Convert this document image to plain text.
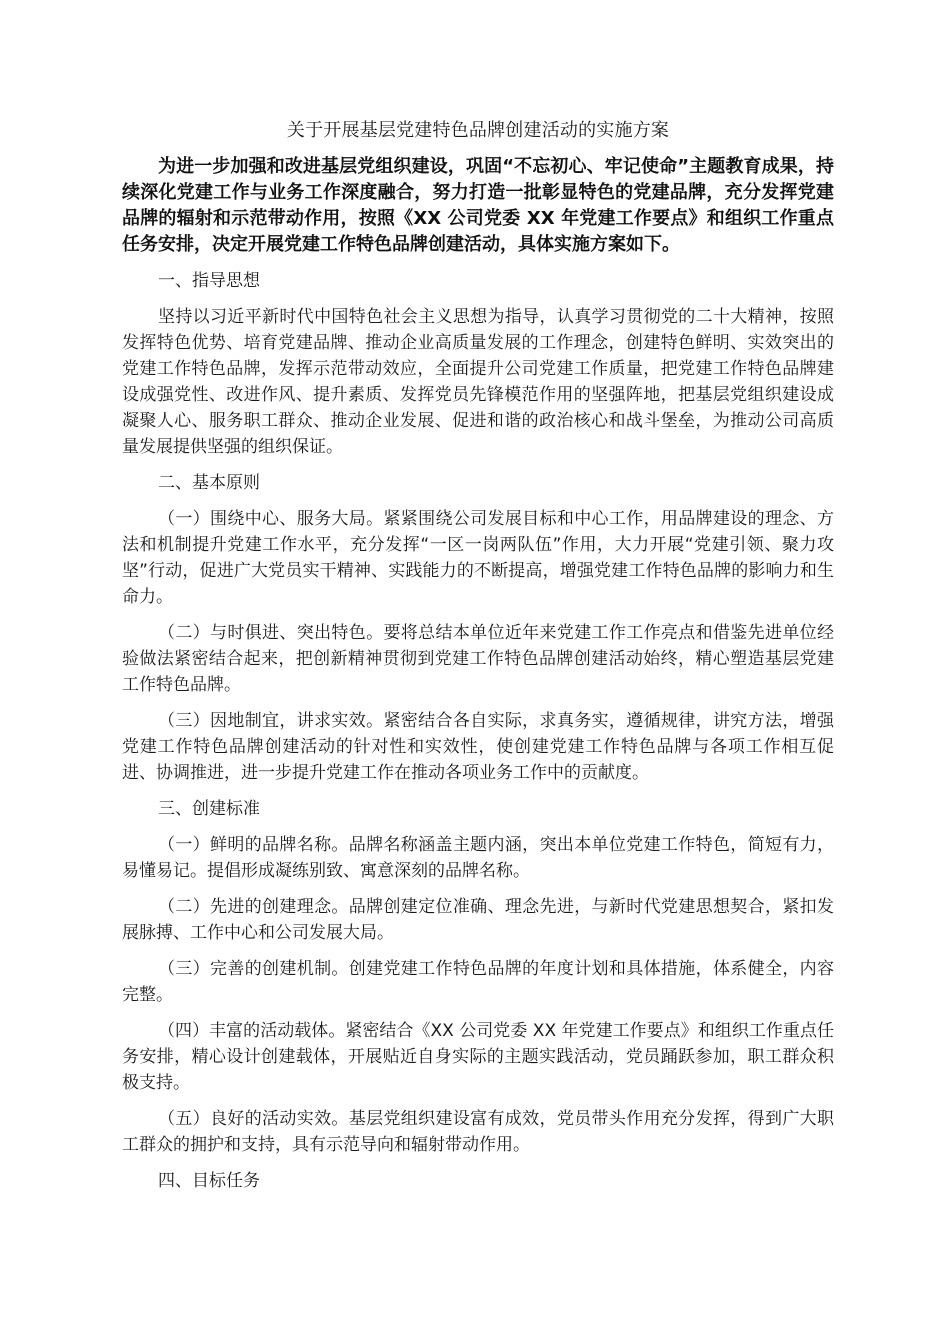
关于开展基层党建特色品牌创建活动的实施方案

为进一步加强和改进基层党组织建设，巩固“不忘初心、牢记使命”主题教育成果，持续深化党建工作与业务工作深度融合，努力打造一批彰显特色的党建品牌，充分发挥党建品牌的辐射和示范带动作用，按照《XX 公司党委 XX 年党建工作要点》和组织工作重点任务安排，决定开展党建工作特色品牌创建活动，具体实施方案如下。

一、指导思想

坚持以习近平新时代中国特色社会主义思想为指导，认真学习贯彻党的二十大精神，按照发挥特色优势、培育党建品牌、推动企业高质量发展的工作理念，创建特色鲜明、实效突出的党建工作特色品牌，发挥示范带动效应，全面提升公司党建工作质量，把党建工作特色品牌建设成强党性、改进作风、提升素质、发挥党员先锋模范作用的坚强阵地，把基层党组织建设成凝聚人心、服务职工群众、推动企业发展、促进和谐的政治核心和战斗堡垒，为推动公司高质量发展提供坚强的组织保证。

二、基本原则

（一）围绕中心、服务大局。紧紧围绕公司发展目标和中心工作，用品牌建设的理念、方法和机制提升党建工作水平，充分发挥“一区一岗两队伍”作用，大力开展“党建引领、聚力攻坚”行动，促进广大党员实干精神、实践能力的不断提高，增强党建工作特色品牌的影响力和生命力。

（二）与时俱进、突出特色。要将总结本单位近年来党建工作工作亮点和借鉴先进单位经验做法紧密结合起来，把创新精神贯彻到党建工作特色品牌创建活动始终，精心塑造基层党建工作特色品牌。

（三）因地制宜，讲求实效。紧密结合各自实际，求真务实，遵循规律，讲究方法，增强党建工作特色品牌创建活动的针对性和实效性，使创建党建工作特色品牌与各项工作相互促进、协调推进，进一步提升党建工作在推动各项业务工作中的贡献度。

三、创建标准

（一）鲜明的品牌名称。品牌名称涵盖主题内涵，突出本单位党建工作特色，简短有力，易懂易记。提倡形成凝练别致、寓意深刻的品牌名称。

（二）先进的创建理念。品牌创建定位准确、理念先进，与新时代党建思想契合，紧扣发展脉搏、工作中心和公司发展大局。

（三）完善的创建机制。创建党建工作特色品牌的年度计划和具体措施，体系健全，内容完整。

（四）丰富的活动载体。紧密结合《XX 公司党委 XX 年党建工作要点》和组织工作重点任务安排，精心设计创建载体，开展贴近自身实际的主题实践活动，党员踊跃参加，职工群众积极支持。

（五）良好的活动实效。基层党组织建设富有成效，党员带头作用充分发挥，得到广大职工群众的拥护和支持，具有示范导向和辐射带动作用。

四、目标任务
